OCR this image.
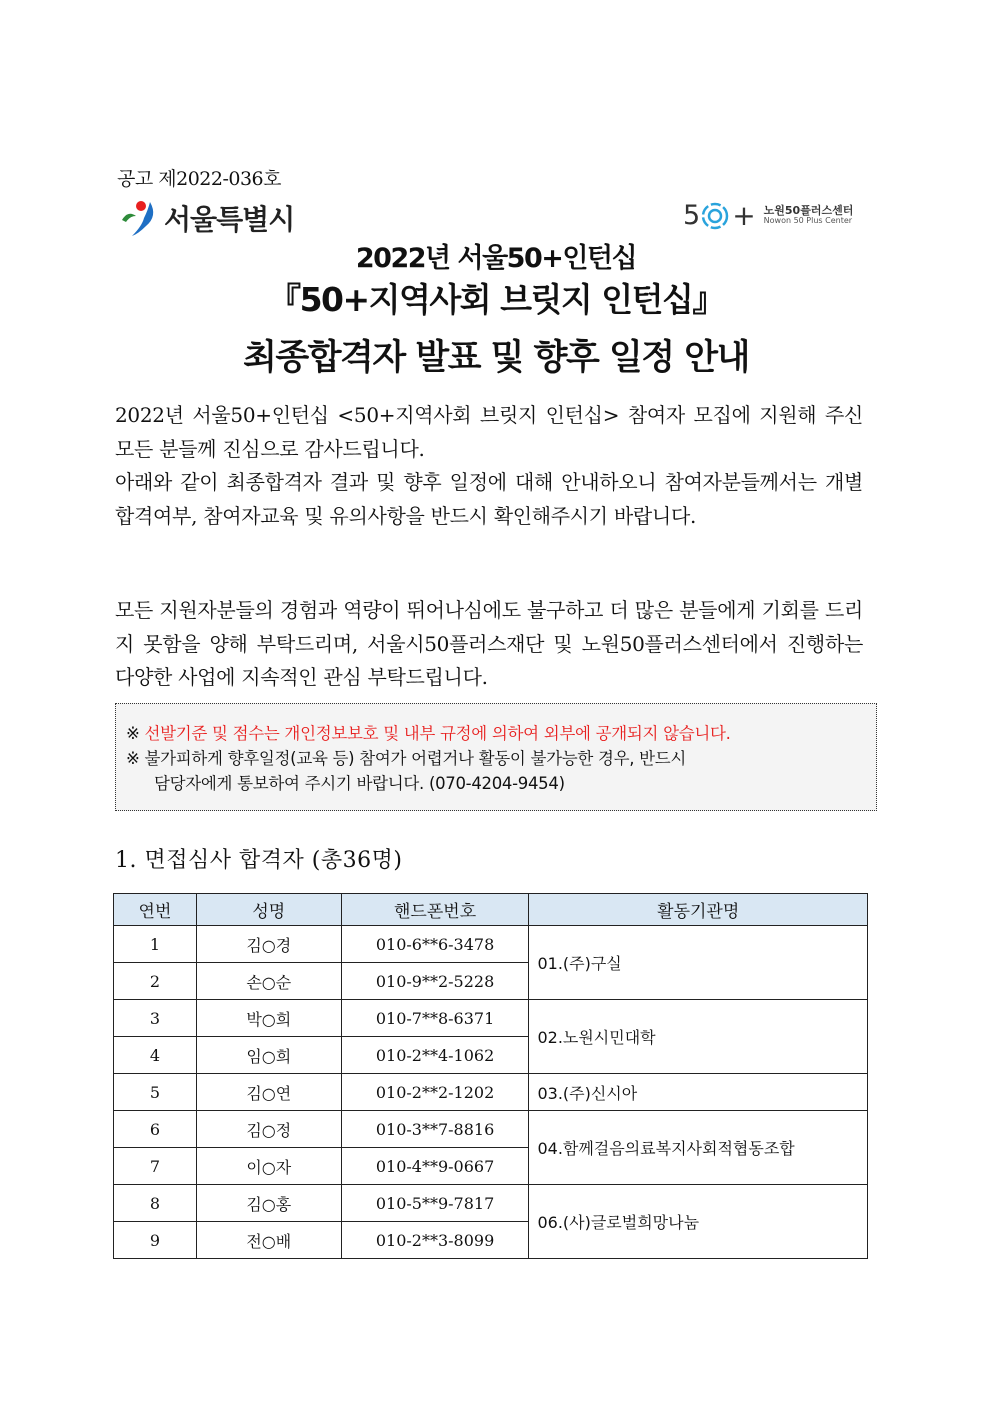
공고 제2022-036호
서울특별시	5 + 노원50플러스센터
Nowon 50 Plus Center
2022년 서울50+인턴십
『50+지역사회 브릿지 인턴십』
최종합격자 발표 및 향후 일정 안내
2022년 서울50+인턴십 <50+지역사회 브릿지 인턴십> 참여자 모집에 지원해 주신 모든 분들께 진심으로 감사드립니다.
아래와 같이 최종합격자 결과 및 향후 일정에 대해 안내하오니 참여자분들께서는 개별 합격여부, 참여자교육 및 유의사항을 반드시 확인해주시기 바랍니다.
모든 지원자분들의 경험과 역량이 뛰어나심에도 불구하고 더 많은 분들에게 기회를 드리지 못함을 양해 부탁드리며, 서울시50플러스재단 및 노원50플러스센터에서 진행하는 다양한 사업에 지속적인 관심 부탁드립니다.
※ 선발기준 및 점수는 개인정보보호 및 내부 규정에 의하여 외부에 공개되지 않습니다.
※ 불가피하게 향후일정(교육 등) 참여가 어렵거나 활동이 불가능한 경우, 반드시
담당자에게 통보하여 주시기 바랍니다. (070-4204-9454)
1. 면접심사 합격자 (총36명)
연번	성명	핸드폰번호	활동기관명
1	김○경	010-6**6-3478	01.(주)구실
2	손○순	010-9**2-5228	
3	박○희	010-7**8-6371	02.노원시민대학
4	임○희	010-2**4-1062	
5	김○연	010-2**2-1202	03.(주)신시아
6	김○정	010-3**7-8816	04.함께걸음의료복지사회적협동조합
7	이○자	010-4**9-0667	
8	김○홍	010-5**9-7817	06.(사)글로벌희망나눔
9	전○배	010-2**3-8099	
